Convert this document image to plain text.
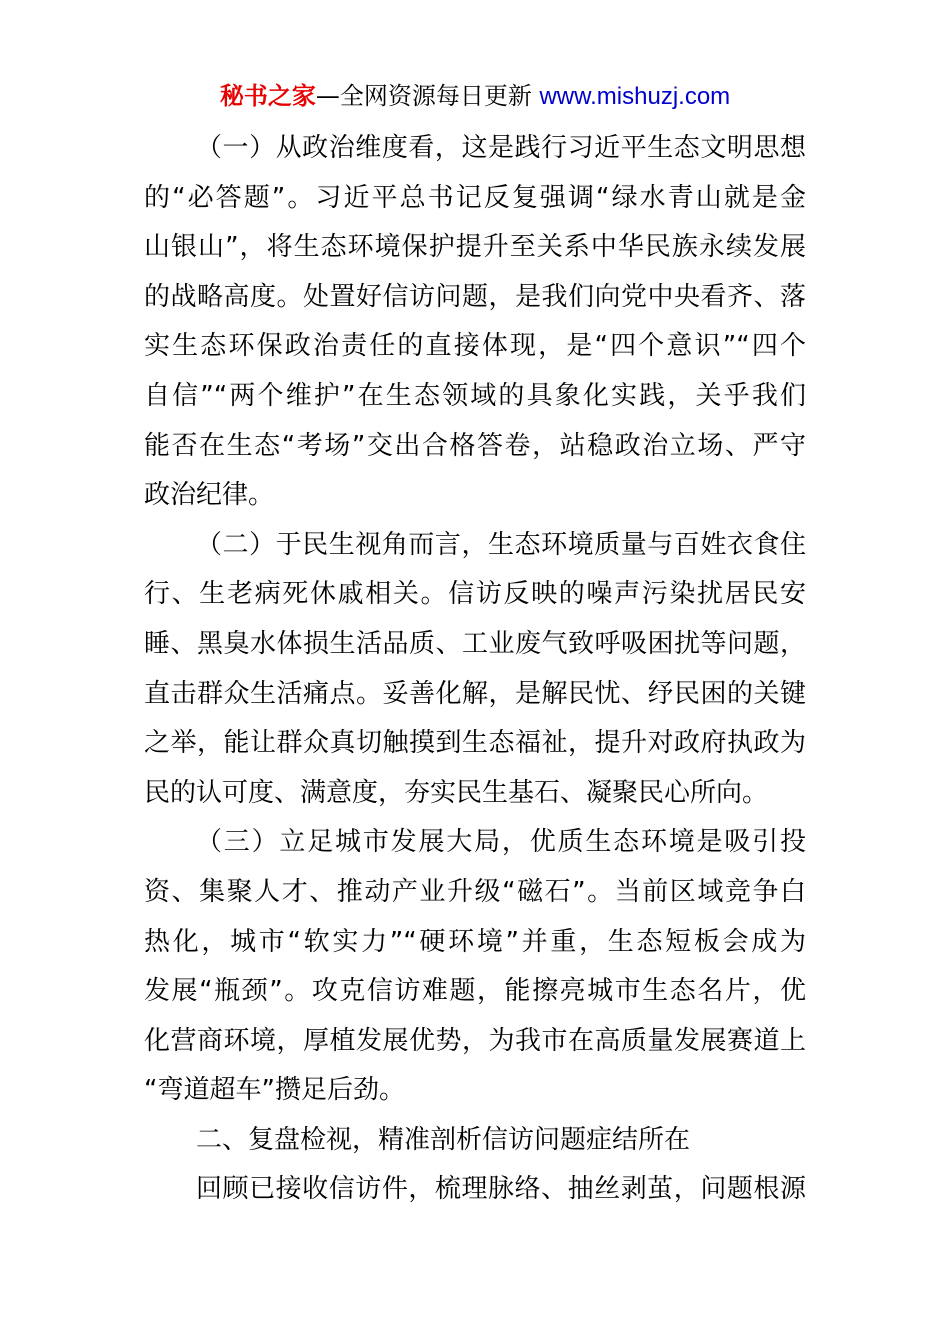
秘书之家—全网资源每日更新 www.mishuzj.com
（一）从政治维度看，这是践行习近平生态文明思想
的“必答题”。习近平总书记反复强调“绿水青山就是金
山银山”，将生态环境保护提升至关系中华民族永续发展
的战略高度。处置好信访问题，是我们向党中央看齐、落
实生态环保政治责任的直接体现，是“四个意识”“四个
自信”“两个维护”在生态领域的具象化实践，关乎我们
能否在生态“考场”交出合格答卷，站稳政治立场、严守
政治纪律。
（二）于民生视角而言，生态环境质量与百姓衣食住
行、生老病死休戚相关。信访反映的噪声污染扰居民安
睡、黑臭水体损生活品质、工业废气致呼吸困扰等问题，
直击群众生活痛点。妥善化解，是解民忧、纾民困的关键
之举，能让群众真切触摸到生态福祉，提升对政府执政为
民的认可度、满意度，夯实民生基石、凝聚民心所向。
（三）立足城市发展大局，优质生态环境是吸引投
资、集聚人才、推动产业升级“磁石”。当前区域竞争白
热化，城市“软实力”“硬环境”并重，生态短板会成为
发展“瓶颈”。攻克信访难题，能擦亮城市生态名片，优
化营商环境，厚植发展优势，为我市在高质量发展赛道上
“弯道超车”攒足后劲。
二、复盘检视，精准剖析信访问题症结所在
回顾已接收信访件，梳理脉络、抽丝剥茧，问题根源
